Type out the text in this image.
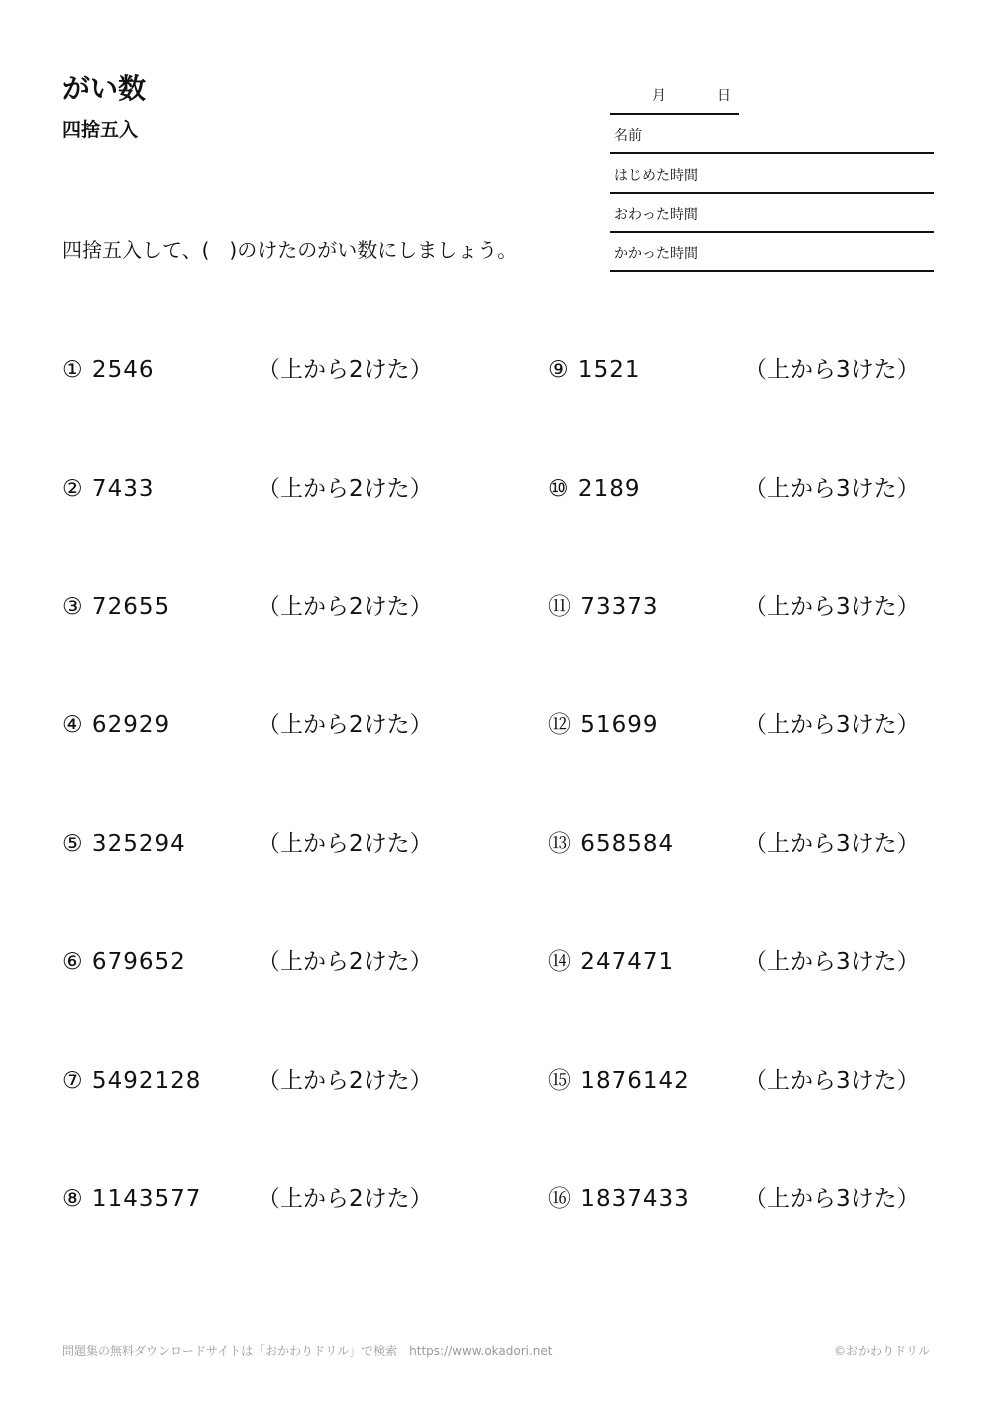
がい数
四捨五入
月	日
名前
はじめた時間
おわった時間
かかった時間
四捨五入して、(　)のけたのがい数にしましょう。
① 2546	（上から2けた）
② 7433	（上から2けた）
③ 72655	（上から2けた）
④ 62929	（上から2けた）
⑤ 325294	（上から2けた）
⑥ 679652	（上から2けた）
⑦ 5492128 （上から2けた）
⑧ 1143577 （上から2けた）
⑨ 1521	（上から3けた）
⑩ 2189	（上から3けた）
⑪ 73373	（上から3けた）
⑫ 51699	（上から3けた）
⑬ 658584	（上から3けた）
⑭ 247471	（上から3けた）
⑮ 1876142 （上から3けた）
⑯ 1837433 （上から3けた）
問題集の無料ダウンロードサイトは「おかわりドリル」で検索　https://www.okadori.net	©おかわりドリル
